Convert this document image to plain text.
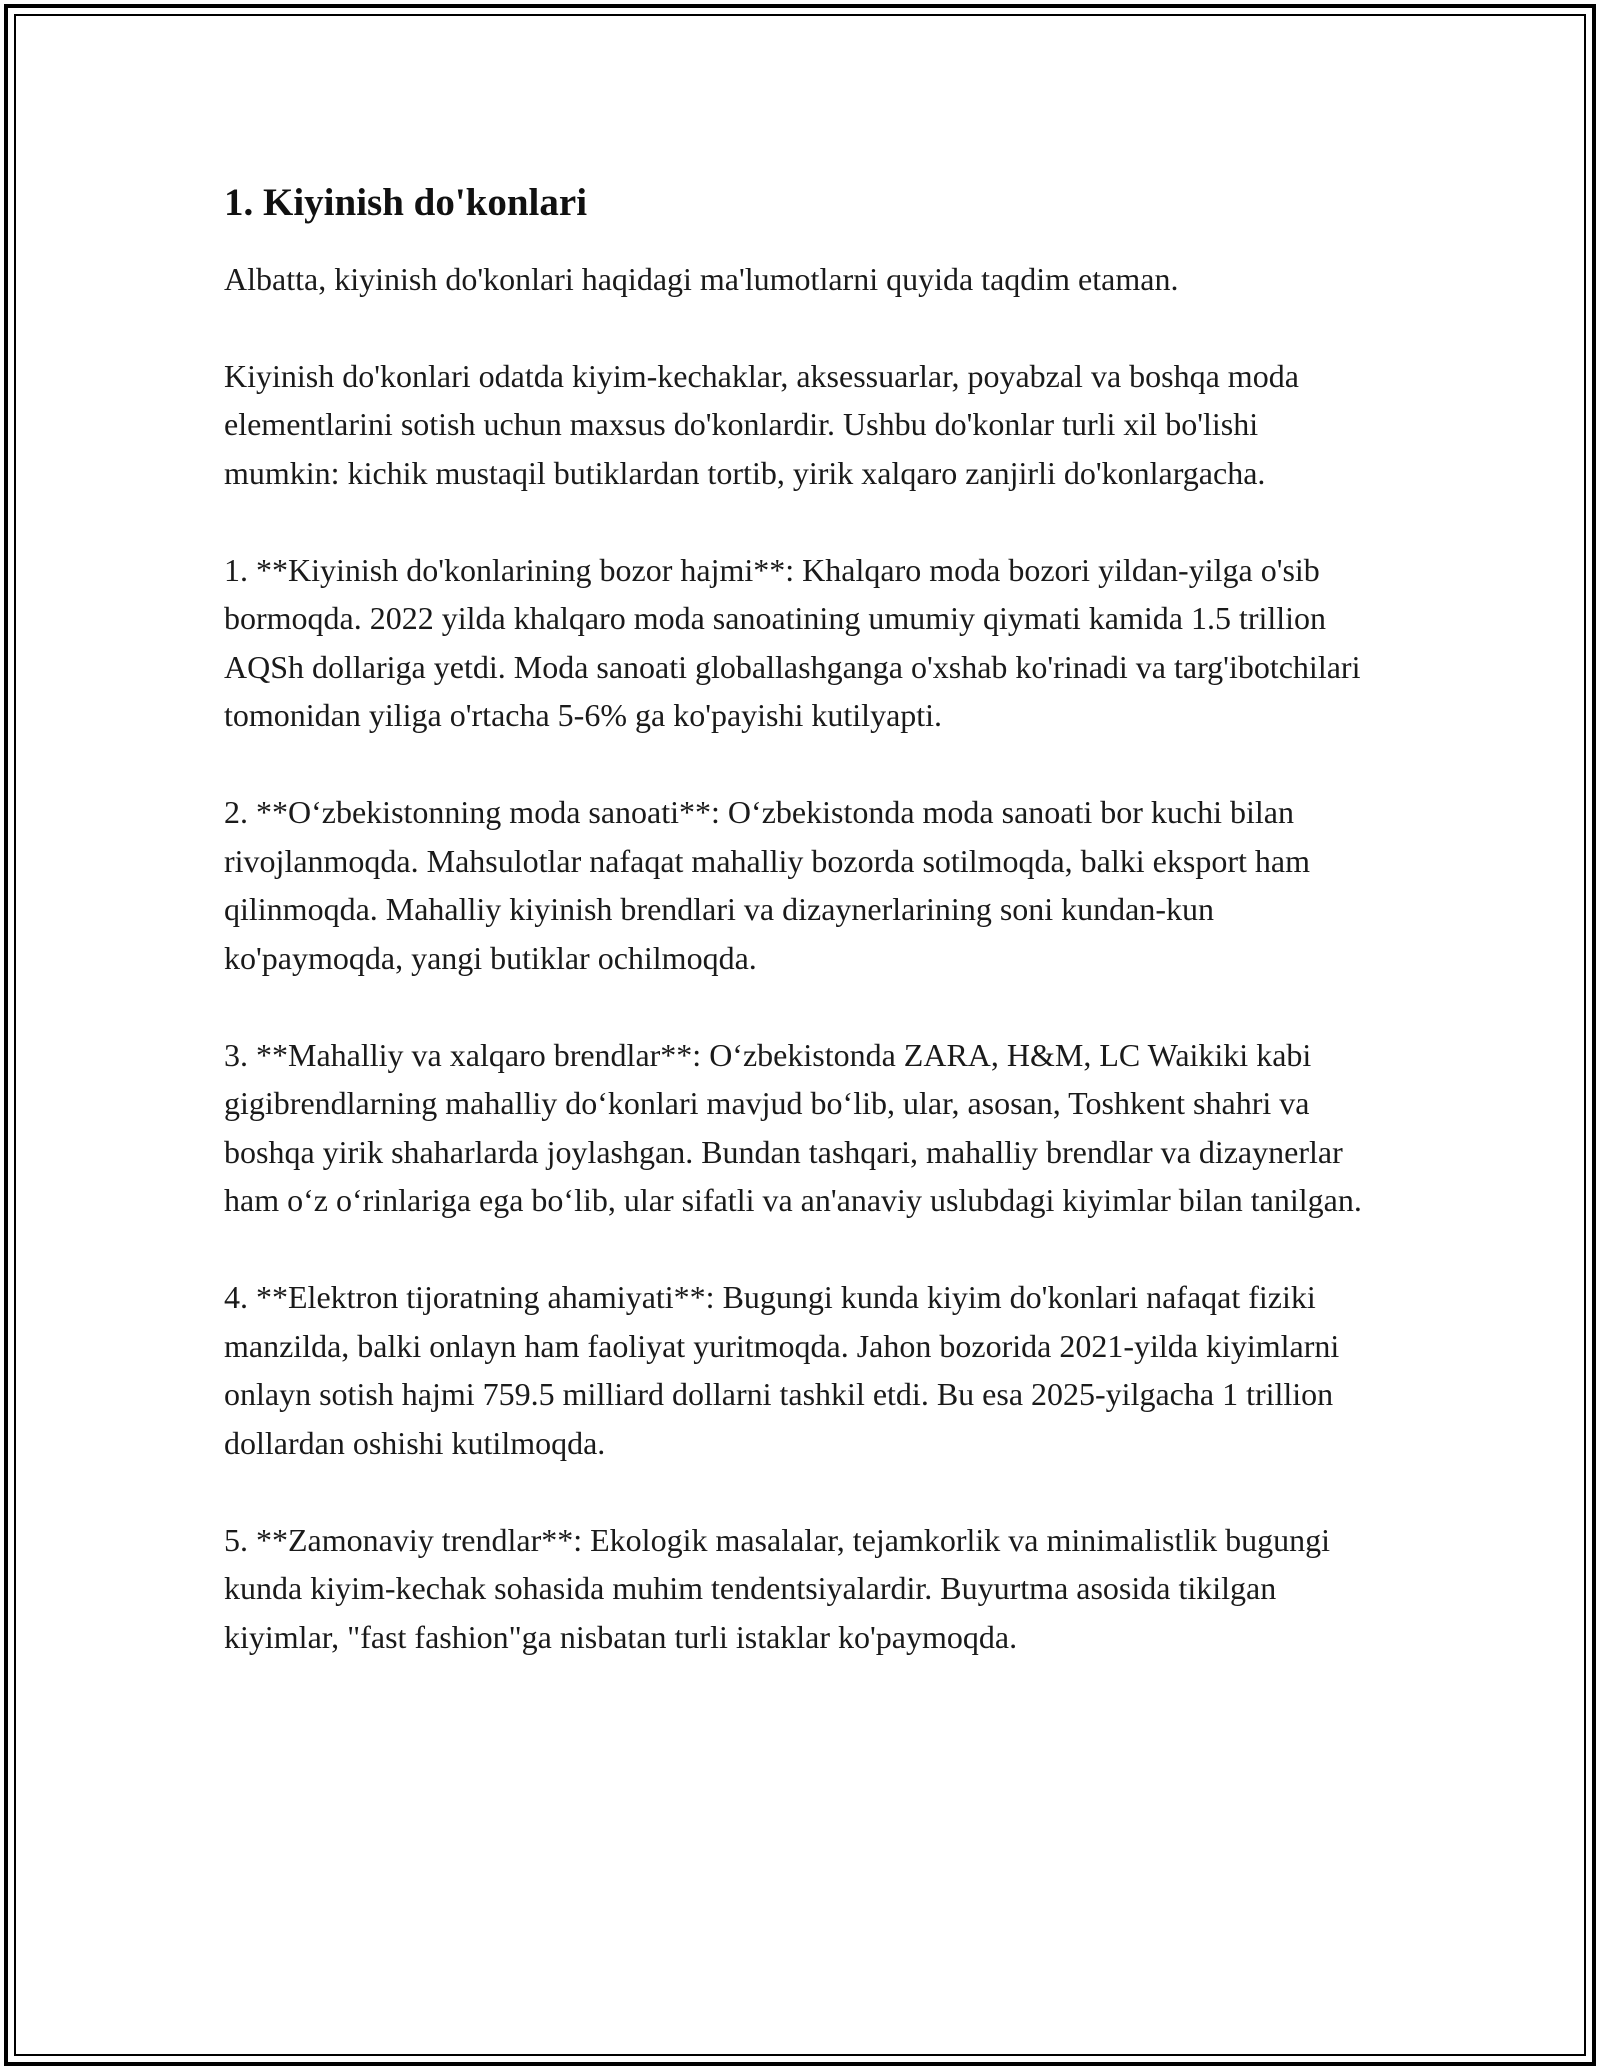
1. Kiyinish do'konlari

Albatta, kiyinish do'konlari haqidagi ma'lumotlarni quyida taqdim etaman.

Kiyinish do'konlari odatda kiyim-kechaklar, aksessuarlar, poyabzal va boshqa moda elementlarini sotish uchun maxsus do'konlardir. Ushbu do'konlar turli xil bo'lishi mumkin: kichik mustaqil butiklardan tortib, yirik xalqaro zanjirli do'konlargacha.

1. **Kiyinish do'konlarining bozor hajmi**: Khalqaro moda bozori yildan-yilga o'sib bormoqda. 2022 yilda khalqaro moda sanoatining umumiy qiymati kamida 1.5 trillion AQSh dollariga yetdi. Moda sanoati globallashganga o'xshab ko'rinadi va targ'ibotchilari tomonidan yiliga o'rtacha 5-6% ga ko'payishi kutilyapti.

2. **O‘zbekistonning moda sanoati**: O‘zbekistonda moda sanoati bor kuchi bilan rivojlanmoqda. Mahsulotlar nafaqat mahalliy bozorda sotilmoqda, balki eksport ham qilinmoqda. Mahalliy kiyinish brendlari va dizaynerlarining soni kundan-kun ko'paymoqda, yangi butiklar ochilmoqda.

3. **Mahalliy va xalqaro brendlar**: O‘zbekistonda ZARA, H&M, LC Waikiki kabi gigibrendlarning mahalliy do‘konlari mavjud bo‘lib, ular, asosan, Toshkent shahri va boshqa yirik shaharlarda joylashgan. Bundan tashqari, mahalliy brendlar va dizaynerlar ham o‘z o‘rinlariga ega bo‘lib, ular sifatli va an'anaviy uslubdagi kiyimlar bilan tanilgan.

4. **Elektron tijoratning ahamiyati**: Bugungi kunda kiyim do'konlari nafaqat fiziki manzilda, balki onlayn ham faoliyat yuritmoqda. Jahon bozorida 2021-yilda kiyimlarni onlayn sotish hajmi 759.5 milliard dollarni tashkil etdi. Bu esa 2025-yilgacha 1 trillion dollardan oshishi kutilmoqda.

5. **Zamonaviy trendlar**: Ekologik masalalar, tejamkorlik va minimalistlik bugungi kunda kiyim-kechak sohasida muhim tendentsiyalardir. Buyurtma asosida tikilgan kiyimlar, "fast fashion"ga nisbatan turli istaklar ko'paymoqda.
